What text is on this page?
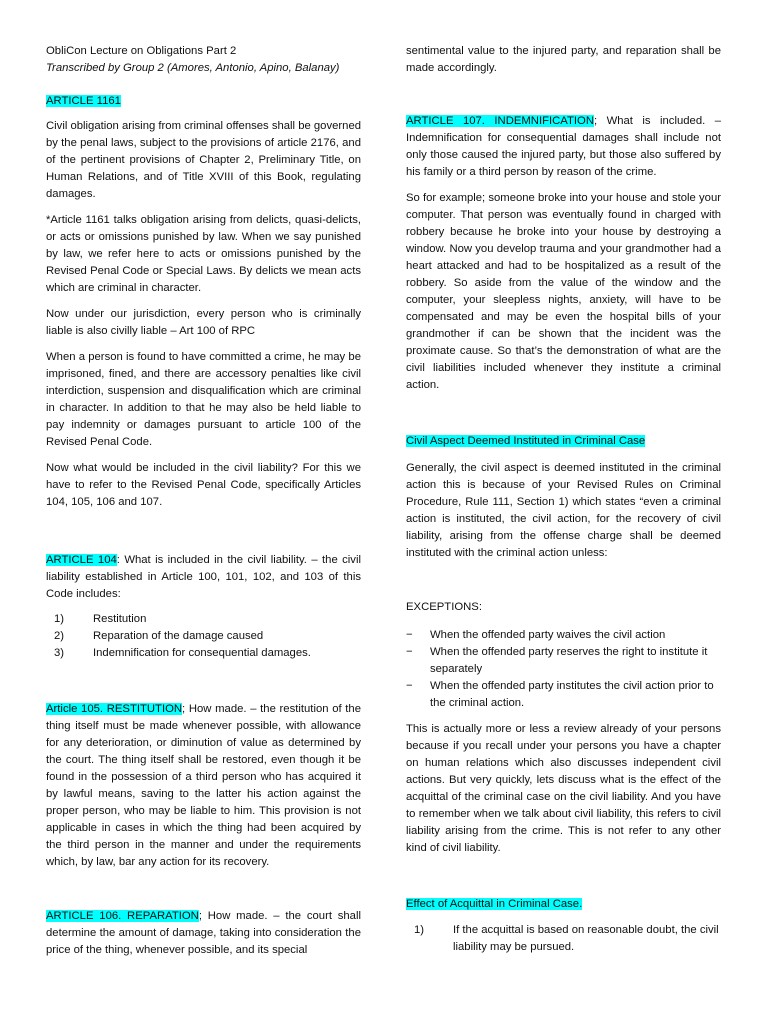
ObliCon Lecture on Obligations Part 2
Transcribed by Group 2 (Amores, Antonio, Apino, Balanay)
ARTICLE 1161

Civil obligation arising from criminal offenses shall be governed by the penal laws, subject to the provisions of article 2176, and of the pertinent provisions of Chapter 2, Preliminary Title, on Human Relations, and of Title XVIII of this Book, regulating damages.

*Article 1161 talks obligation arising from delicts, quasi-delicts, or acts or omissions punished by law. When we say punished by law, we refer here to acts or omissions punished by the Revised Penal Code or Special Laws. By delicts we mean acts which are criminal in character.

Now under our jurisdiction, every person who is criminally liable is also civilly liable – Art 100 of RPC

When a person is found to have committed a crime, he may be imprisoned, fined, and there are accessory penalties like civil interdiction, suspension and disqualification which are criminal in character. In addition to that he may also be held liable to pay indemnity or damages pursuant to article 100 of the Revised Penal Code.

Now what would be included in the civil liability? For this we have to refer to the Revised Penal Code, specifically Articles 104, 105, 106 and 107.

ARTICLE 104: What is included in the civil liability. – the civil liability established in Article 100, 101, 102, and 103 of this Code includes:

1)	Restitution
2)	Reparation of the damage caused
3)	Indemnification for consequential damages.

Article 105. RESTITUTION; How made. – the restitution of the thing itself must be made whenever possible, with allowance for any deterioration, or diminution of value as determined by the court. The thing itself shall be restored, even though it be found in the possession of a third person who has acquired it by lawful means, saving to the latter his action against the proper person, who may be liable to him. This provision is not applicable in cases in which the thing had been acquired by the third person in the manner and under the requirements which, by law, bar any action for its recovery.

ARTICLE 106. REPARATION; How made. – the court shall determine the amount of damage, taking into consideration the price of the thing, whenever possible, and its special

sentimental value to the injured party, and reparation shall be made accordingly.

ARTICLE 107. INDEMNIFICATION; What is included. – Indemnification for consequential damages shall include not only those caused the injured party, but those also suffered by his family or a third person by reason of the crime.

So for example; someone broke into your house and stole your computer. That person was eventually found in charged with robbery because he broke into your house by destroying a window. Now you develop trauma and your grandmother had a heart attacked and had to be hospitalized as a result of the robbery. So aside from the value of the window and the computer, your sleepless nights, anxiety, will have to be compensated and may be even the hospital bills of your grandmother if can be shown that the incident was the proximate cause. So that’s the demonstration of what are the civil liabilities included whenever they institute a criminal action.

Civil Aspect Deemed Instituted in Criminal Case

Generally, the civil aspect is deemed instituted in the criminal action this is because of your Revised Rules on Criminal Procedure, Rule 111, Section 1) which states “even a criminal action is instituted, the civil action, for the recovery of civil liability, arising from the offense charge shall be deemed instituted with the criminal action unless:

EXCEPTIONS:

− When the offended party waives the civil action
− When the offended party reserves the right to institute it separately
− When the offended party institutes the civil action prior to the criminal action.

This is actually more or less a review already of your persons because if you recall under your persons you have a chapter on human relations which also discusses independent civil actions. But very quickly, lets discuss what is the effect of the acquittal of the criminal case on the civil liability. And you have to remember when we talk about civil liability, this refers to civil liability arising from the crime. This is not refer to any other kind of civil liability.

Effect of Acquittal in Criminal Case.
1)	If the acquittal is based on reasonable doubt, the civil liability may be pursued.
